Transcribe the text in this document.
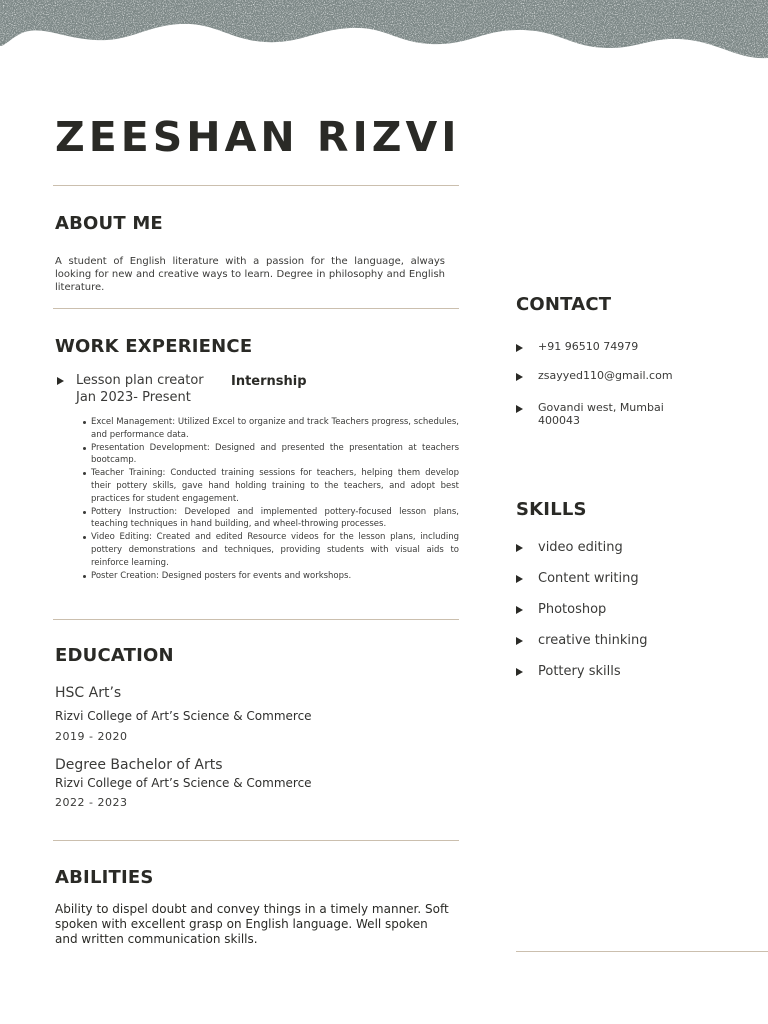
ZEESHAN RIZVI
ABOUT ME

A student of English literature with a passion for the language, always looking for new and creative ways to learn. Degree in philosophy and English literature.

WORK EXPERIENCE
Lesson plan creator Internship
Jan 2023- Present
Excel Management: Utilized Excel to organize and track Teachers progress, schedules, and performance data.
Presentation Development: Designed and presented the presentation at teachers bootcamp.
Teacher Training: Conducted training sessions for teachers, helping them develop their pottery skills, gave hand holding training to the teachers, and adopt best practices for student engagement.
Pottery Instruction: Developed and implemented pottery-focused lesson plans, teaching techniques in hand building, and wheel-throwing processes.
Video Editing: Created and edited Resource videos for the lesson plans, including pottery demonstrations and techniques, providing students with visual aids to reinforce learning.
Poster Creation: Designed posters for events and workshops.
EDUCATION

HSC Art’s

Rizvi College of Art’s Science & Commerce

2019 - 2020

Degree Bachelor of Arts

Rizvi College of Art’s Science & Commerce

2022 - 2023

ABILITIES

Ability to dispel doubt and convey things in a timely manner. Soft spoken with excellent grasp on English language. Well spoken and written communication skills.

CONTACT
+91 96510 74979
zsayyed110@gmail.com
Govandi west, Mumbai 400043
SKILLS
video editing
Content writing
Photoshop
creative thinking
Pottery skills
